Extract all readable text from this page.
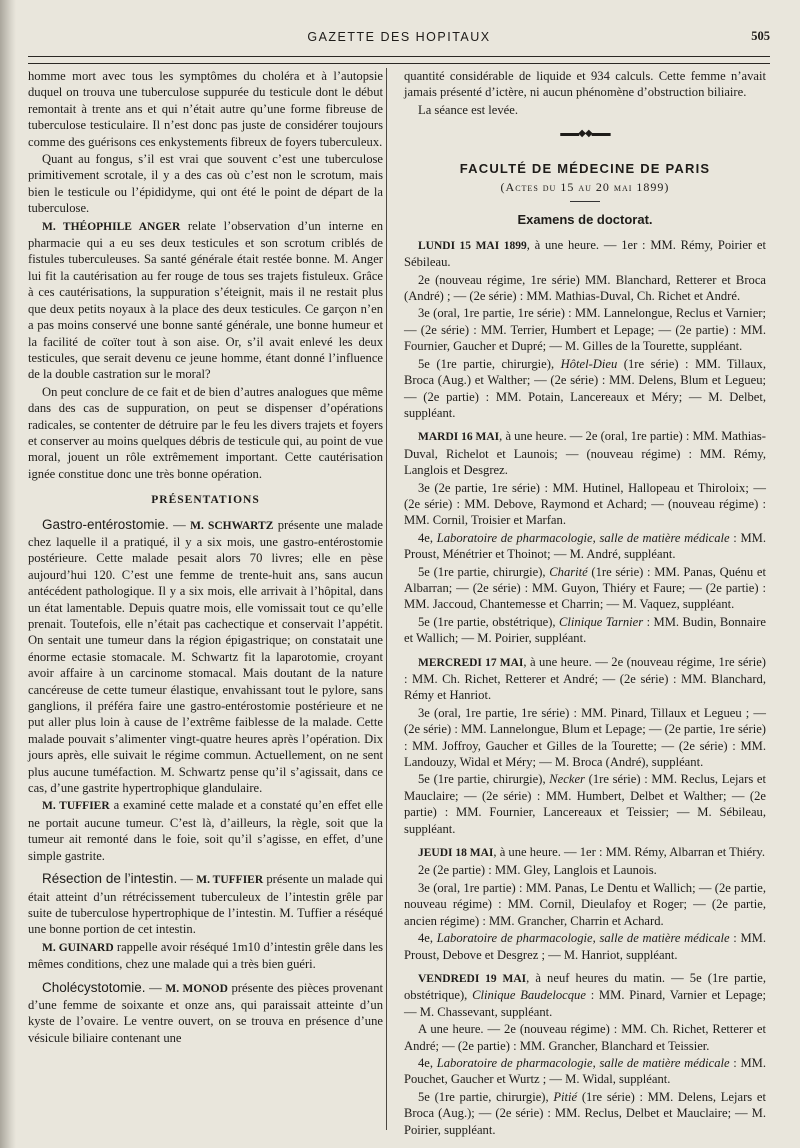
GAZETTE DES HOPITAUX	505

homme mort avec tous les symptômes du choléra et à l’autopsie duquel on trouva une tuberculose suppurée du testicule dont le début remontait à trente ans et qui n’était autre qu’une forme fibreuse de tuberculose testiculaire. Il n’est donc pas juste de considérer toujours comme des guérisons ces enkystements fibreux de foyers tuberculeux.

Quant au fongus, s’il est vrai que souvent c’est une tuberculose primitivement scrotale, il y a des cas où c’est non le scrotum, mais bien le testicule ou l’épididyme, qui ont été le point de départ de la tuberculose.

M. THÉOPHILE ANGER relate l’observation d’un interne en pharmacie qui a eu ses deux testicules et son scrotum criblés de fistules tuberculeuses. Sa santé générale était restée bonne. M. Anger lui fit la cautérisation au fer rouge de tous ses trajets fistuleux. Grâce à ces cautérisations, la suppuration s’éteignit, mais il ne restait plus que deux petits noyaux à la place des deux testicules. Ce garçon n’en a pas moins conservé une bonne santé générale, une bonne humeur et la facilité de coïter tout à son aise. Or, s’il avait enlevé les deux testicules, que serait devenu ce jeune homme, étant donné l’influence de la double castration sur le moral?

On peut conclure de ce fait et de bien d’autres analogues que même dans des cas de suppuration, on peut se dispenser d’opérations radicales, se contenter de détruire par le feu les divers trajets et foyers et conserver au moins quelques débris de testicule qui, au point de vue moral, jouent un rôle extrêmement important. Cette cautérisation ignée constitue donc une très bonne opération.

PRÉSENTATIONS

Gastro-entérostomie. — M. SCHWARTZ présente une malade chez laquelle il a pratiqué, il y a six mois, une gastro-entérostomie postérieure. Cette malade pesait alors 70 livres; elle en pèse aujourd’hui 120. C’est une femme de trente-huit ans, sans aucun antécédent pathologique. Il y a six mois, elle arrivait à l’hôpital, dans un état lamentable. Depuis quatre mois, elle vomissait tout ce qu’elle prenait. Toutefois, elle n’était pas cachectique et conservait l’appétit. On sentait une tumeur dans la région épigastrique; on constatait une énorme ectasie stomacale. M. Schwartz fit la laparotomie, croyant avoir affaire à un carcinome stomacal. Mais doutant de la nature cancéreuse de cette tumeur élastique, envahissant tout le pylore, sans ganglions, il préféra faire une gastro-entérostomie postérieure et ne put aller plus loin à cause de l’extrême faiblesse de la malade. Cette malade pouvait s’alimenter vingt-quatre heures après l’opération. Dix jours après, elle suivait le régime commun. Actuellement, on ne sent plus aucune tuméfaction. M. Schwartz pense qu’il s’agissait, dans ce cas, d’une gastrite hypertrophique glandulaire.

M. TUFFIER a examiné cette malade et a constaté qu’en effet elle ne portait aucune tumeur. C’est là, d’ailleurs, la règle, soit que la tumeur ait remonté dans le foie, soit qu’il s’agisse, en effet, d’une simple gastrite.

Résection de l’intestin. — M. TUFFIER présente un malade qui était atteint d’un rétrécissement tuberculeux de l’intestin grêle par suite de tuberculose hypertrophique de l’intestin. M. Tuffier a réséqué une bonne portion de cet intestin.

M. GUINARD rappelle avoir réséqué 1m10 d’intestin grêle dans les mêmes conditions, chez une malade qui a très bien guéri.

Cholécystotomie. — M. MONOD présente des pièces provenant d’une femme de soixante et onze ans, qui paraissait atteinte d’un kyste de l’ovaire. Le ventre ouvert, on se trouva en présence d’une vésicule biliaire contenant une

quantité considérable de liquide et 934 calculs. Cette femme n’avait jamais présenté d’ictère, ni aucun phénomène d’obstruction biliaire.

La séance est levée.

▬▬◆◆▬▬
FACULTÉ DE MÉDECINE DE PARIS
(Actes du 15 au 20 mai 1899)
Examens de doctorat.

LUNDI 15 MAI 1899, à une heure. — 1er : MM. Rémy, Poirier et Sébileau.

2e (nouveau régime, 1re série) MM. Blanchard, Retterer et Broca (André) ; — (2e série) : MM. Mathias-Duval, Ch. Richet et André.

3e (oral, 1re partie, 1re série) : MM. Lannelongue, Reclus et Varnier; — (2e série) : MM. Terrier, Humbert et Lepage; — (2e partie) : MM. Fournier, Gaucher et Dupré; — M. Gilles de la Tourette, suppléant.

5e (1re partie, chirurgie), Hôtel-Dieu (1re série) : MM. Tillaux, Broca (Aug.) et Walther; — (2e série) : MM. Delens, Blum et Legueu; — (2e partie) : MM. Potain, Lancereaux et Méry; — M. Delbet, suppléant.

MARDI 16 MAI, à une heure. — 2e (oral, 1re partie) : MM. Mathias-Duval, Richelot et Launois; — (nouveau régime) : MM. Rémy, Langlois et Desgrez.

3e (2e partie, 1re série) : MM. Hutinel, Hallopeau et Thiroloix; — (2e série) : MM. Debove, Raymond et Achard; — (nouveau régime) : MM. Cornil, Troisier et Marfan.

4e, Laboratoire de pharmacologie, salle de matière médicale : MM. Proust, Ménétrier et Thoinot; — M. André, suppléant.

5e (1re partie, chirurgie), Charité (1re série) : MM. Panas, Quénu et Albarran; — (2e série) : MM. Guyon, Thiéry et Faure; — (2e partie) : MM. Jaccoud, Chantemesse et Charrin; — M. Vaquez, suppléant.

5e (1re partie, obstétrique), Clinique Tarnier : MM. Budin, Bonnaire et Wallich; — M. Poirier, suppléant.

MERCREDI 17 MAI, à une heure. — 2e (nouveau régime, 1re série) : MM. Ch. Richet, Retterer et André; — (2e série) : MM. Blanchard, Rémy et Hanriot.

3e (oral, 1re partie, 1re série) : MM. Pinard, Tillaux et Legueu ; — (2e série) : MM. Lannelongue, Blum et Lepage; — (2e partie, 1re série) : MM. Joffroy, Gaucher et Gilles de la Tourette; — (2e série) : MM. Landouzy, Widal et Méry; — M. Broca (André), suppléant.

5e (1re partie, chirurgie), Necker (1re série) : MM. Reclus, Lejars et Mauclaire; — (2e série) : MM. Humbert, Delbet et Walther; — (2e partie) : MM. Fournier, Lancereaux et Teissier; — M. Sébileau, suppléant.

JEUDI 18 MAI, à une heure. — 1er : MM. Rémy, Albarran et Thiéry.

2e (2e partie) : MM. Gley, Langlois et Launois.

3e (oral, 1re partie) : MM. Panas, Le Dentu et Wallich; — (2e partie, nouveau régime) : MM. Cornil, Dieulafoy et Roger; — (2e partie, ancien régime) : MM. Grancher, Charrin et Achard.

4e, Laboratoire de pharmacologie, salle de matière médicale : MM. Proust, Debove et Desgrez ; — M. Hanriot, suppléant.

VENDREDI 19 MAI, à neuf heures du matin. — 5e (1re partie, obstétrique), Clinique Baudelocque : MM. Pinard, Varnier et Lepage; — M. Chassevant, suppléant.

A une heure. — 2e (nouveau régime) : MM. Ch. Richet, Retterer et André; — (2e partie) : MM. Grancher, Blanchard et Teissier.

4e, Laboratoire de pharmacologie, salle de matière médicale : MM. Pouchet, Gaucher et Wurtz ; — M. Widal, suppléant.

5e (1re partie, chirurgie), Pitié (1re série) : MM. Delens, Lejars et Broca (Aug.); — (2e série) : MM. Reclus, Delbet et Mauclaire; — M. Poirier, suppléant.
